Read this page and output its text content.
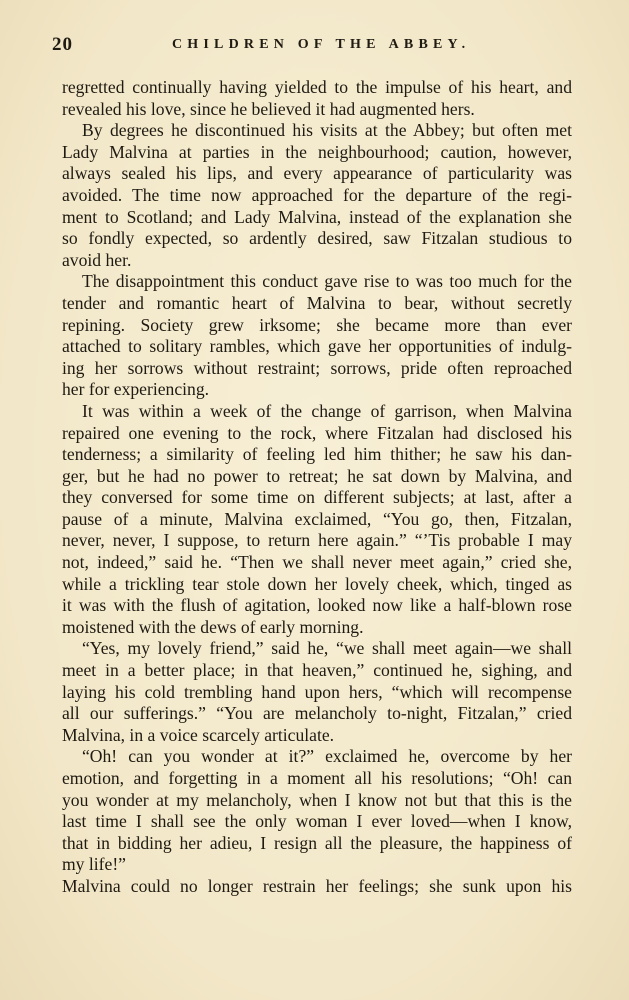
20	CHILDREN OF THE ABBEY.
regretted continually having yielded to the impulse of his heart, and
revealed his love, since he believed it had augmented hers.
By degrees he discontinued his visits at the Abbey; but often met
Lady Malvina at parties in the neighbourhood; caution, however,
always sealed his lips, and every appearance of particularity was
avoided. The time now approached for the departure of the regi-
ment to Scotland; and Lady Malvina, instead of the explanation she
so fondly expected, so ardently desired, saw Fitzalan studious to
avoid her.
The disappointment this conduct gave rise to was too much for the
tender and romantic heart of Malvina to bear, without secretly
repining. Society grew irksome; she became more than ever
attached to solitary rambles, which gave her opportunities of indulg-
ing her sorrows without restraint; sorrows, pride often reproached
her for experiencing.
It was within a week of the change of garrison, when Malvina
repaired one evening to the rock, where Fitzalan had disclosed his
tenderness; a similarity of feeling led him thither; he saw his dan-
ger, but he had no power to retreat; he sat down by Malvina, and
they conversed for some time on different subjects; at last, after a
pause of a minute, Malvina exclaimed, “You go, then, Fitzalan,
never, never, I suppose, to return here again.” “’Tis probable I may
not, indeed,” said he. “Then we shall never meet again,” cried she,
while a trickling tear stole down her lovely cheek, which, tinged as
it was with the flush of agitation, looked now like a half-blown rose
moistened with the dews of early morning.
“Yes, my lovely friend,” said he, “we shall meet again—we shall
meet in a better place; in that heaven,” continued he, sighing, and
laying his cold trembling hand upon hers, “which will recompense
all our sufferings.” “You are melancholy to-night, Fitzalan,” cried
Malvina, in a voice scarcely articulate.
“Oh! can you wonder at it?” exclaimed he, overcome by her
emotion, and forgetting in a moment all his resolutions; “Oh! can
you wonder at my melancholy, when I know not but that this is the
last time I shall see the only woman I ever loved—when I know,
that in bidding her adieu, I resign all the pleasure, the happiness of
my life!”
Malvina could no longer restrain her feelings; she sunk upon his
